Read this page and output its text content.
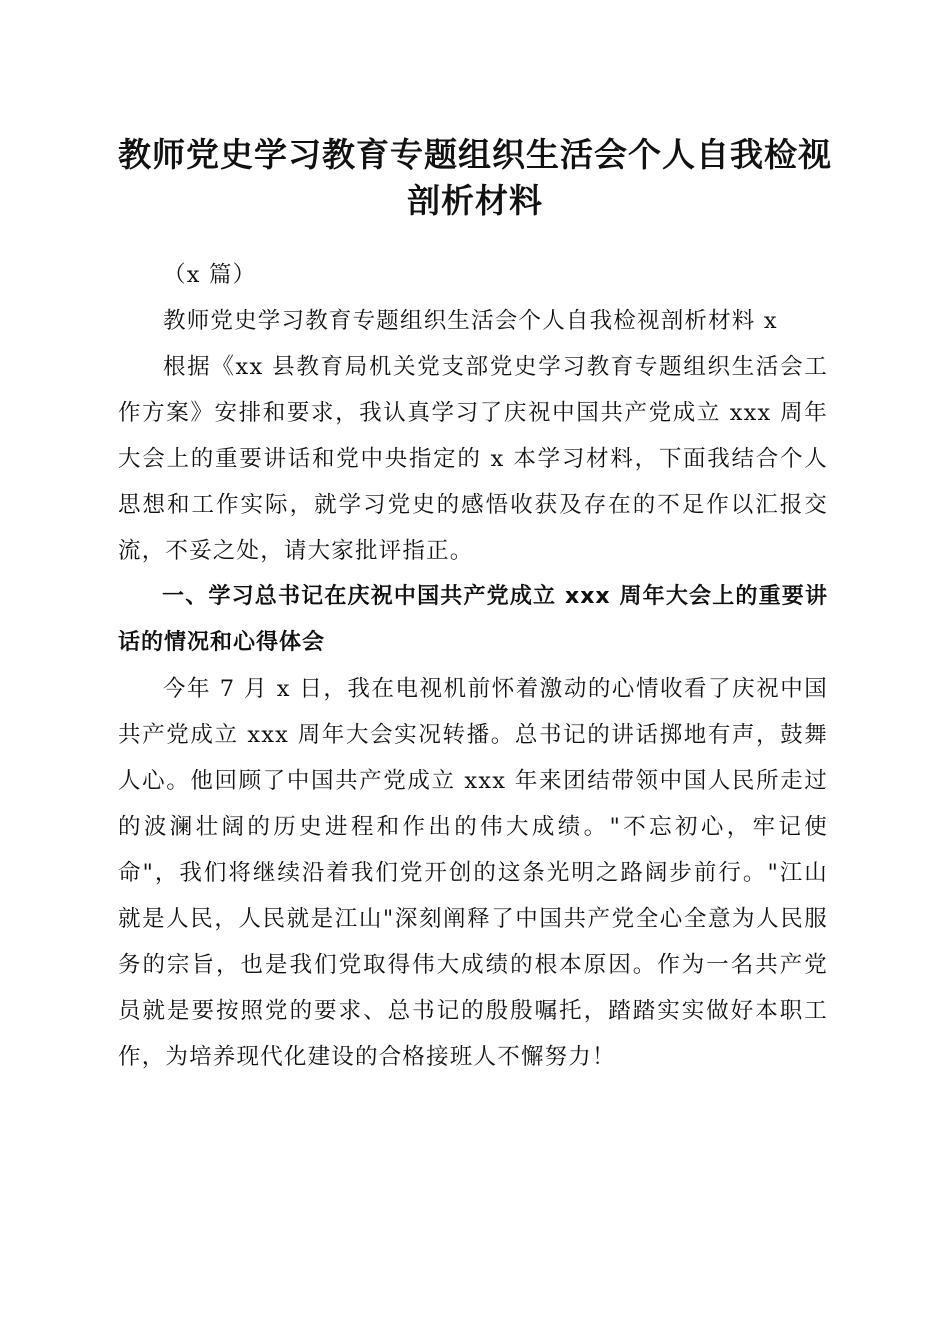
教师党史学习教育专题组织生活会个人自我检视剖析材料

（x 篇）

教师党史学习教育专题组织生活会个人自我检视剖析材料 x

根据《xx 县教育局机关党支部党史学习教育专题组织生活会工作方案》安排和要求，我认真学习了庆祝中国共产党成立 xxx 周年大会上的重要讲话和党中央指定的 x 本学习材料，下面我结合个人思想和工作实际，就学习党史的感悟收获及存在的不足作以汇报交流，不妥之处，请大家批评指正。

一、学习总书记在庆祝中国共产党成立 xxx 周年大会上的重要讲话的情况和心得体会

今年 7 月 x 日，我在电视机前怀着激动的心情收看了庆祝中国共产党成立 xxx 周年大会实况转播。总书记的讲话掷地有声，鼓舞人心。他回顾了中国共产党成立 xxx 年来团结带领中国人民所走过的波澜壮阔的历史进程和作出的伟大成绩。"不忘初心，牢记使命"，我们将继续沿着我们党开创的这条光明之路阔步前行。"江山就是人民，人民就是江山"深刻阐释了中国共产党全心全意为人民服务的宗旨，也是我们党取得伟大成绩的根本原因。作为一名共产党员就是要按照党的要求、总书记的殷殷嘱托，踏踏实实做好本职工作，为培养现代化建设的合格接班人不懈努力！
